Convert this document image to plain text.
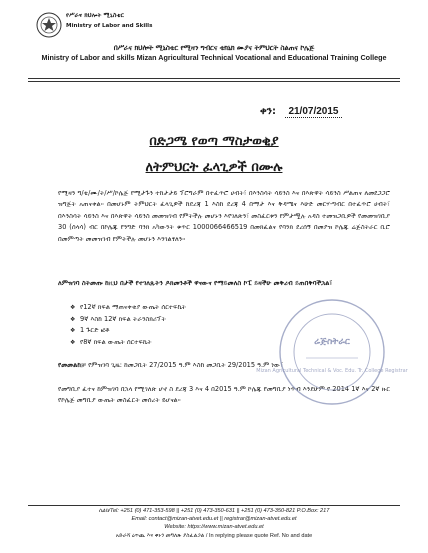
የሥራና ክህሎት ሚኒስቴር
Ministry of Labor and Skills
በሥራና ክህሎት ሚኒስቴር የሚዛን ግብርና ቴክኒክ ሙያና ትምህርት ስልጠና ኮሌጅ
Ministry of Labor and skills Mizan Agricultural Technical Vocational and Educational Training College
ቀን: 21/07/2015
በድጋሜ የወጣ ማስታወቂያ
ለትምህርት ፈላጊዎች በሙሉ
የሚዛን ግ/ቴ/ሙ/ት/ሥ/ኮሌጅ የሚታጉን ተከታታይ ፕሮግራም በተፈጥሮ ሀብት፣ በእንስሳት ሳይንስ እና በእጽዋት ሳይንስ ሥልጠና ለመደጋጋሮ ዝግጅት አጠናቀል። በመሆኑም ትምህርት ፈላጊዎች ከደረጃ 1 እስከ ደረጃ 4 በማታ እና ቅዳሜና እሁድ መርሃ-ግብር በተፈጥሮ ሀብት፣ በእንስሳት ሳይንስ እና በእጽዋት ሳይንስ መመዝገብ የምትችሉ መሆኑን እየገለጽን፣ መስፈርቱን የምታሟሉ አዳስ ተመዝጋቢዎች የመመዝገቢያ 30 (ሰላሳ) ብር በኮሌጁ የንግድ ባንክ አካውንት ቁጥር 1000066466519 በመክፈልና የባንክ ደረሰኝ በመያዝ ኮሌጁ ሬጅስትራር ቢሮ በመምጣት መመዝገብ የምትችሉ መሆኑን እንገልፃለን።
ለምዝገባ ስትመጡ ከዚህ በታች የተገለጹትን ዶክመንቶች ዋናውና የማይመለስ ኮፒ ይዛችሁ መቅረብ ይጠበቅባችኋል፣
❖ የ12ኛ ክፍል ማጠናቀቂያ ውጤት ሰርተፍኬት
❖ 9ኛ እስከ 12ኛ ክፍል ትራንስክሪፕት
❖ 1 ጉርድ ፎቶ
❖ የ8ኛ ክፍል ውጤት ሰርተፍኬት
የመመልከቻ የምዝገባ ጊዜ: ከመጋቢት 27/2015 ዓ.ም እስከ መጋቢት 29/2015 ዓ.ም ነው፣
የመግቢያ ፈተና ከምዝገባ በኋላ የሚገለጽ ሆኖ ስ ደረጃ 3 እና 4 በ2015 ዓ.ም ኮሌጁ የመግቢያ ነጥብ እንደሁም የ 2014 1ኛ እና 2ኛ ዙር የኮሌጅ መግቢያ ውጤት መስፈርት መሰረት ይሆናል።
ሬጅስትራር
Mizan Agricultural Technical & Voc. Edu. Tr. College Registrar
ስልክ/Tel: +251 (0) 471-353-598 || +251 (0) 473-350-631 || +251 (0) 473-350-821 P.O.Box: 217
Email: contact@mizan-atvet.edu.et || registrar@mizan-atvet.edu.et
Website: https://www.mizan-atvet.edu.et
አድራሻ ዕጥጪ እና ቀኑን መግለጽ ያስፈልጋል / In replying please quote Ref. No and date
